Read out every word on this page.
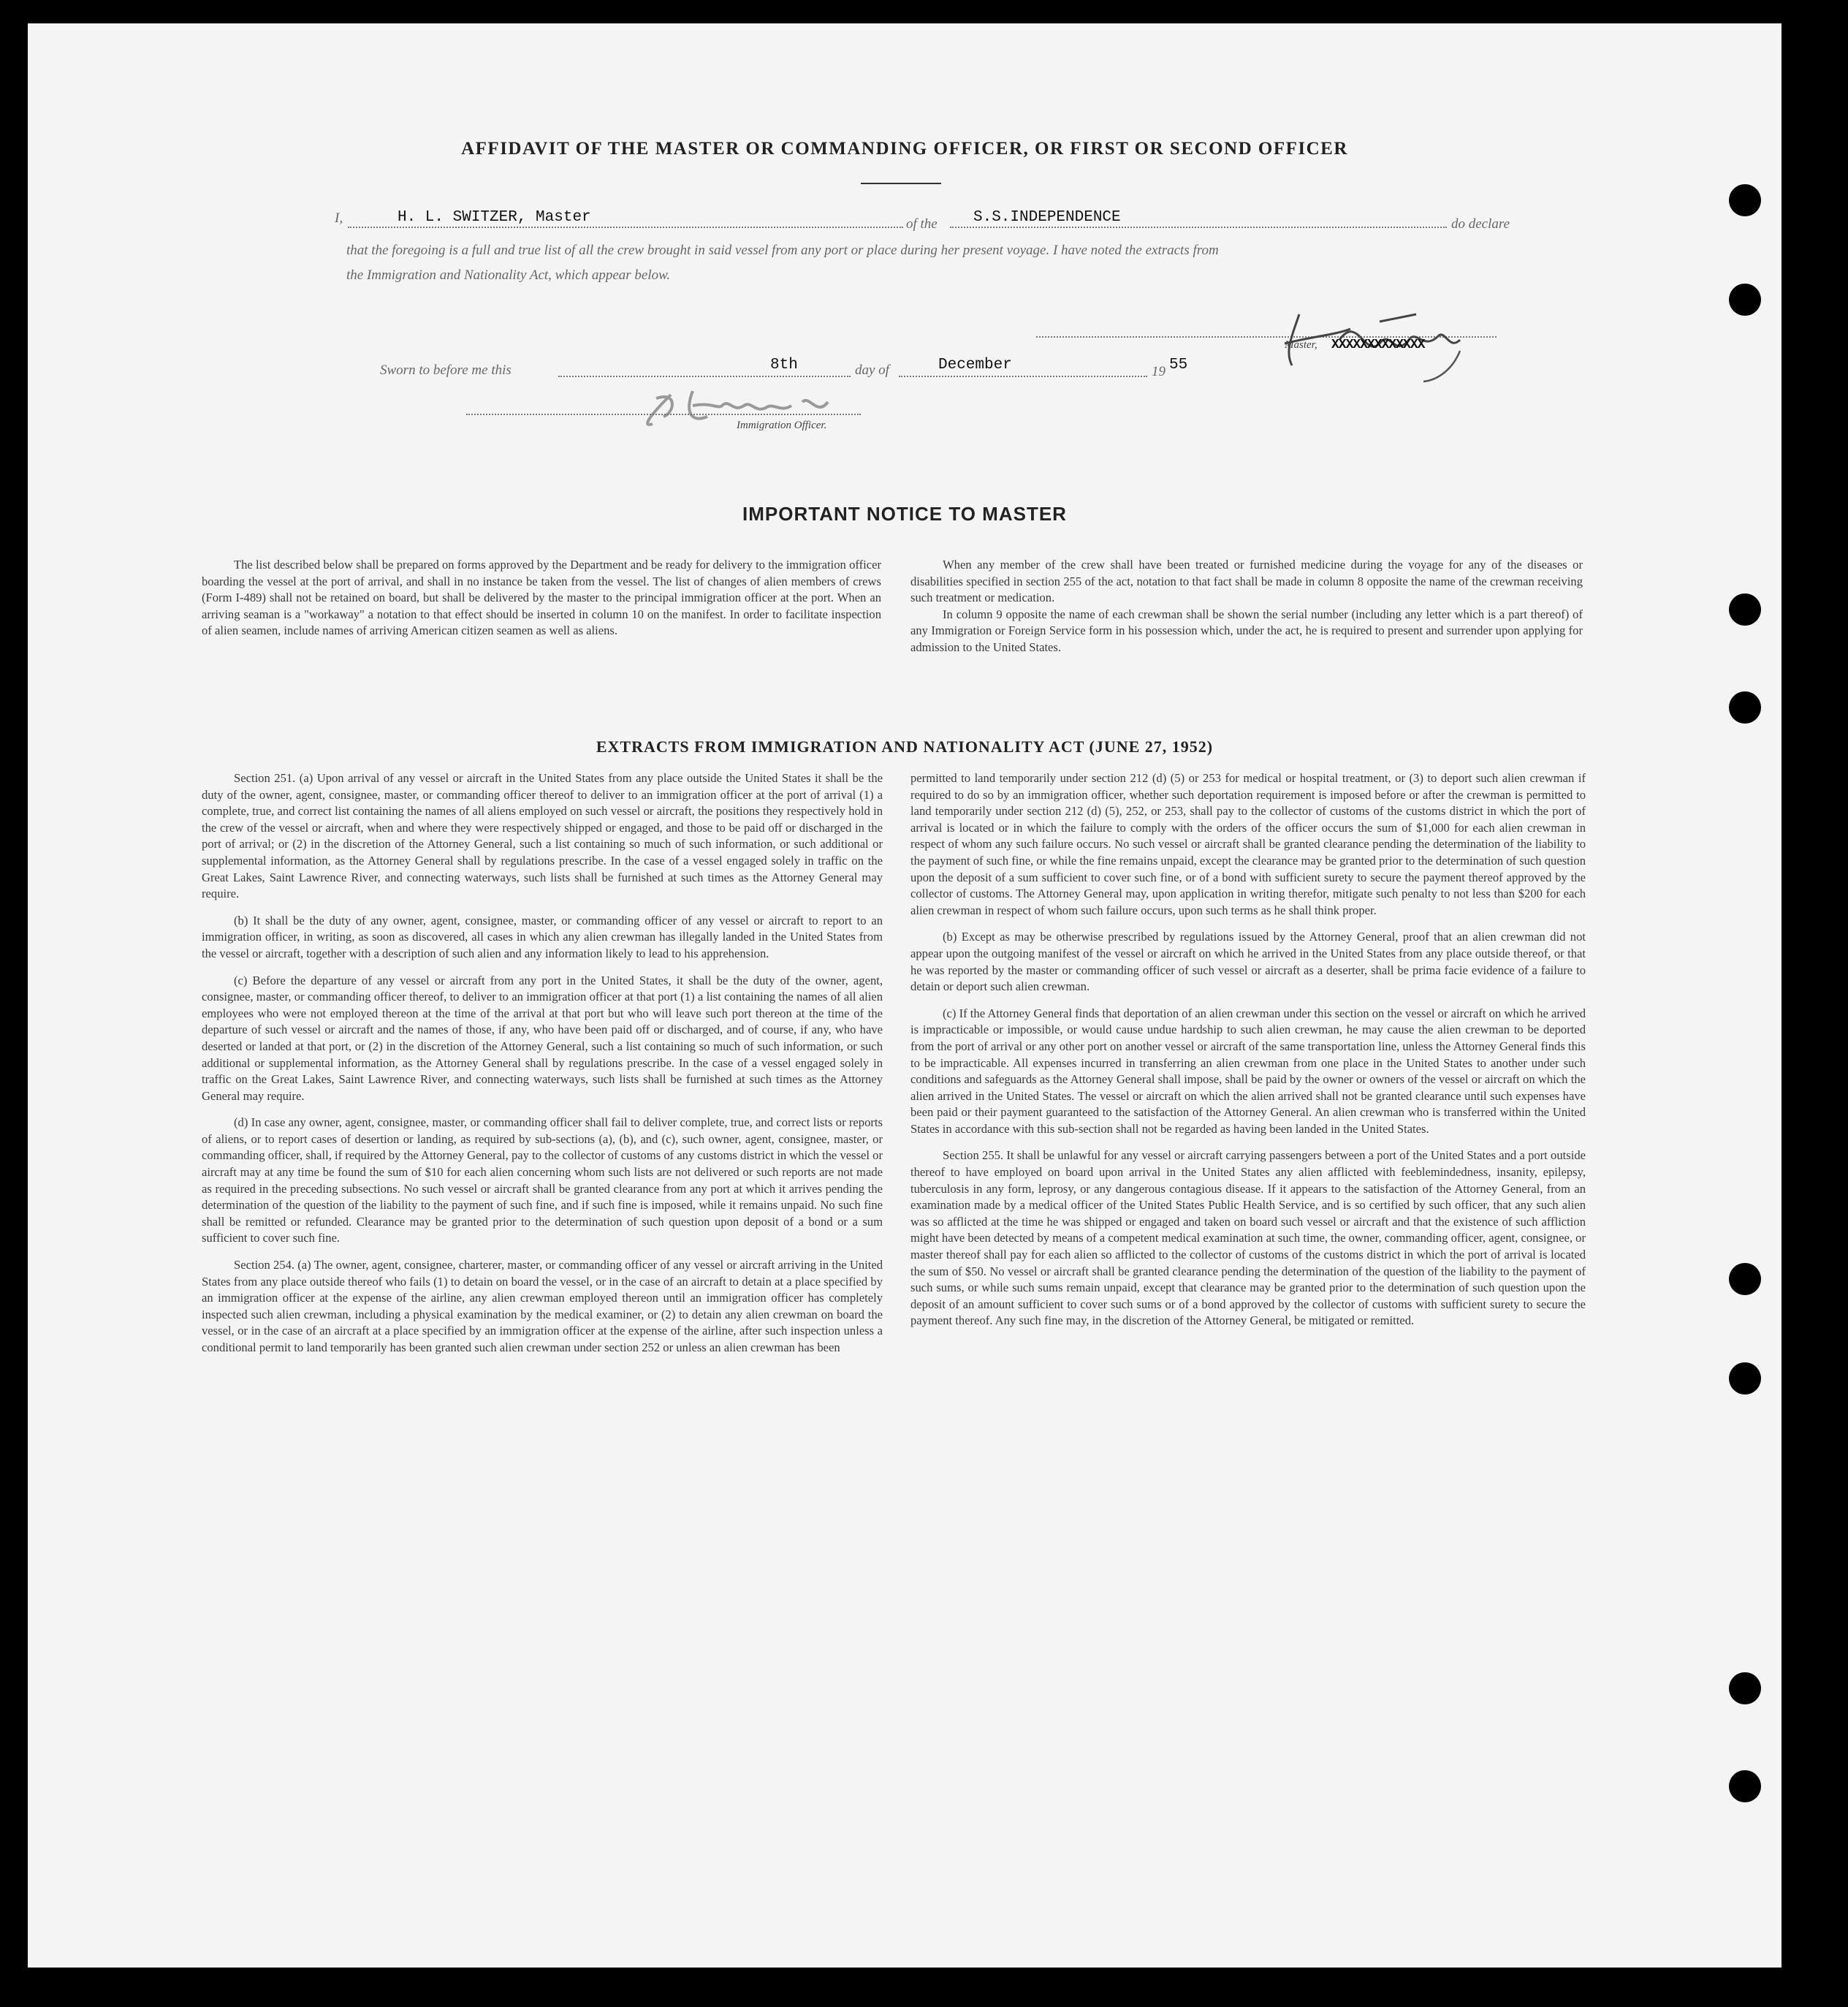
AFFIDAVIT OF THE MASTER OR COMMANDING OFFICER, OR FIRST OR SECOND OFFICER
I,	H. L. SWITZER, Master	of the S.S.INDEPENDENCE	do declare
that the foregoing is a full and true list of all the crew brought in said vessel from any port or place during her present voyage. I have noted the extracts from
the Immigration and Nationality Act, which appear below.
Master, XXXXXXXXXXXXX
Sworn to before me this	8th	day of	December	19 55
Immigration Officer.
IMPORTANT NOTICE TO MASTER

The list described below shall be prepared on forms approved by the Department and be ready for delivery to the immigration officer boarding the vessel at the port of arrival, and shall in no instance be taken from the vessel. The list of changes of alien members of crews (Form I-489) shall not be retained on board, but shall be delivered by the master to the principal immigration officer at the port. When an arriving seaman is a "workaway" a notation to that effect should be inserted in column 10 on the manifest. In order to facilitate inspection of alien seamen, include names of arriving American citizen seamen as well as aliens.

When any member of the crew shall have been treated or furnished medicine during the voyage for any of the diseases or disabilities specified in section 255 of the act, notation to that fact shall be made in column 8 opposite the name of the crewman receiving such treatment or medication.

In column 9 opposite the name of each crewman shall be shown the serial number (including any letter which is a part thereof) of any Immigration or Foreign Service form in his possession which, under the act, he is required to present and surrender upon applying for admission to the United States.

EXTRACTS FROM IMMIGRATION AND NATIONALITY ACT (JUNE 27, 1952)

Section 251. (a) Upon arrival of any vessel or aircraft in the United States from any place outside the United States it shall be the duty of the owner, agent, consignee, master, or commanding officer thereof to deliver to an immigration officer at the port of arrival (1) a complete, true, and correct list containing the names of all aliens employed on such vessel or aircraft, the positions they respectively hold in the crew of the vessel or aircraft, when and where they were respectively shipped or engaged, and those to be paid off or discharged in the port of arrival; or (2) in the discretion of the Attorney General, such a list containing so much of such information, or such additional or supplemental information, as the Attorney General shall by regulations prescribe. In the case of a vessel engaged solely in traffic on the Great Lakes, Saint Lawrence River, and connecting waterways, such lists shall be furnished at such times as the Attorney General may require.

(b) It shall be the duty of any owner, agent, consignee, master, or commanding officer of any vessel or aircraft to report to an immigration officer, in writing, as soon as discovered, all cases in which any alien crewman has illegally landed in the United States from the vessel or aircraft, together with a description of such alien and any information likely to lead to his apprehension.

(c) Before the departure of any vessel or aircraft from any port in the United States, it shall be the duty of the owner, agent, consignee, master, or commanding officer thereof, to deliver to an immigration officer at that port (1) a list containing the names of all alien employees who were not employed thereon at the time of the arrival at that port but who will leave such port thereon at the time of the departure of such vessel or aircraft and the names of those, if any, who have been paid off or discharged, and of course, if any, who have deserted or landed at that port, or (2) in the discretion of the Attorney General, such a list containing so much of such information, or such additional or supplemental information, as the Attorney General shall by regulations prescribe. In the case of a vessel engaged solely in traffic on the Great Lakes, Saint Lawrence River, and connecting waterways, such lists shall be furnished at such times as the Attorney General may require.

(d) In case any owner, agent, consignee, master, or commanding officer shall fail to deliver complete, true, and correct lists or reports of aliens, or to report cases of desertion or landing, as required by sub-sections (a), (b), and (c), such owner, agent, consignee, master, or commanding officer, shall, if required by the Attorney General, pay to the collector of customs of any customs district in which the vessel or aircraft may at any time be found the sum of $10 for each alien concerning whom such lists are not delivered or such reports are not made as required in the preceding subsections. No such vessel or aircraft shall be granted clearance from any port at which it arrives pending the determination of the question of the liability to the payment of such fine, and if such fine is imposed, while it remains unpaid. No such fine shall be remitted or refunded. Clearance may be granted prior to the determination of such question upon deposit of a bond or a sum sufficient to cover such fine.

Section 254. (a) The owner, agent, consignee, charterer, master, or commanding officer of any vessel or aircraft arriving in the United States from any place outside thereof who fails (1) to detain on board the vessel, or in the case of an aircraft to detain at a place specified by an immigration officer at the expense of the airline, any alien crewman employed thereon until an immigration officer has completely inspected such alien crewman, including a physical examination by the medical examiner, or (2) to detain any alien crewman on board the vessel, or in the case of an aircraft at a place specified by an immigration officer at the expense of the airline, after such inspection unless a conditional permit to land temporarily has been granted such alien crewman under section 252 or unless an alien crewman has been

permitted to land temporarily under section 212 (d) (5) or 253 for medical or hospital treatment, or (3) to deport such alien crewman if required to do so by an immigration officer, whether such deportation requirement is imposed before or after the crewman is permitted to land temporarily under section 212 (d) (5), 252, or 253, shall pay to the collector of customs of the customs district in which the port of arrival is located or in which the failure to comply with the orders of the officer occurs the sum of $1,000 for each alien crewman in respect of whom any such failure occurs. No such vessel or aircraft shall be granted clearance pending the determination of the liability to the payment of such fine, or while the fine remains unpaid, except the clearance may be granted prior to the determination of such question upon the deposit of a sum sufficient to cover such fine, or of a bond with sufficient surety to secure the payment thereof approved by the collector of customs. The Attorney General may, upon application in writing therefor, mitigate such penalty to not less than $200 for each alien crewman in respect of whom such failure occurs, upon such terms as he shall think proper.

(b) Except as may be otherwise prescribed by regulations issued by the Attorney General, proof that an alien crewman did not appear upon the outgoing manifest of the vessel or aircraft on which he arrived in the United States from any place outside thereof, or that he was reported by the master or commanding officer of such vessel or aircraft as a deserter, shall be prima facie evidence of a failure to detain or deport such alien crewman.

(c) If the Attorney General finds that deportation of an alien crewman under this section on the vessel or aircraft on which he arrived is impracticable or impossible, or would cause undue hardship to such alien crewman, he may cause the alien crewman to be deported from the port of arrival or any other port on another vessel or aircraft of the same transportation line, unless the Attorney General finds this to be impracticable. All expenses incurred in transferring an alien crewman from one place in the United States to another under such conditions and safeguards as the Attorney General shall impose, shall be paid by the owner or owners of the vessel or aircraft on which the alien arrived in the United States. The vessel or aircraft on which the alien arrived shall not be granted clearance until such expenses have been paid or their payment guaranteed to the satisfaction of the Attorney General. An alien crewman who is transferred within the United States in accordance with this sub-section shall not be regarded as having been landed in the United States.

Section 255. It shall be unlawful for any vessel or aircraft carrying passengers between a port of the United States and a port outside thereof to have employed on board upon arrival in the United States any alien afflicted with feeblemindedness, insanity, epilepsy, tuberculosis in any form, leprosy, or any dangerous contagious disease. If it appears to the satisfaction of the Attorney General, from an examination made by a medical officer of the United States Public Health Service, and is so certified by such officer, that any such alien was so afflicted at the time he was shipped or engaged and taken on board such vessel or aircraft and that the existence of such affliction might have been detected by means of a competent medical examination at such time, the owner, commanding officer, agent, consignee, or master thereof shall pay for each alien so afflicted to the collector of customs of the customs district in which the port of arrival is located the sum of $50. No vessel or aircraft shall be granted clearance pending the determination of the question of the liability to the payment of such sums, or while such sums remain unpaid, except that clearance may be granted prior to the determination of such question upon the deposit of an amount sufficient to cover such sums or of a bond approved by the collector of customs with sufficient surety to secure the payment thereof. Any such fine may, in the discretion of the Attorney General, be mitigated or remitted.
